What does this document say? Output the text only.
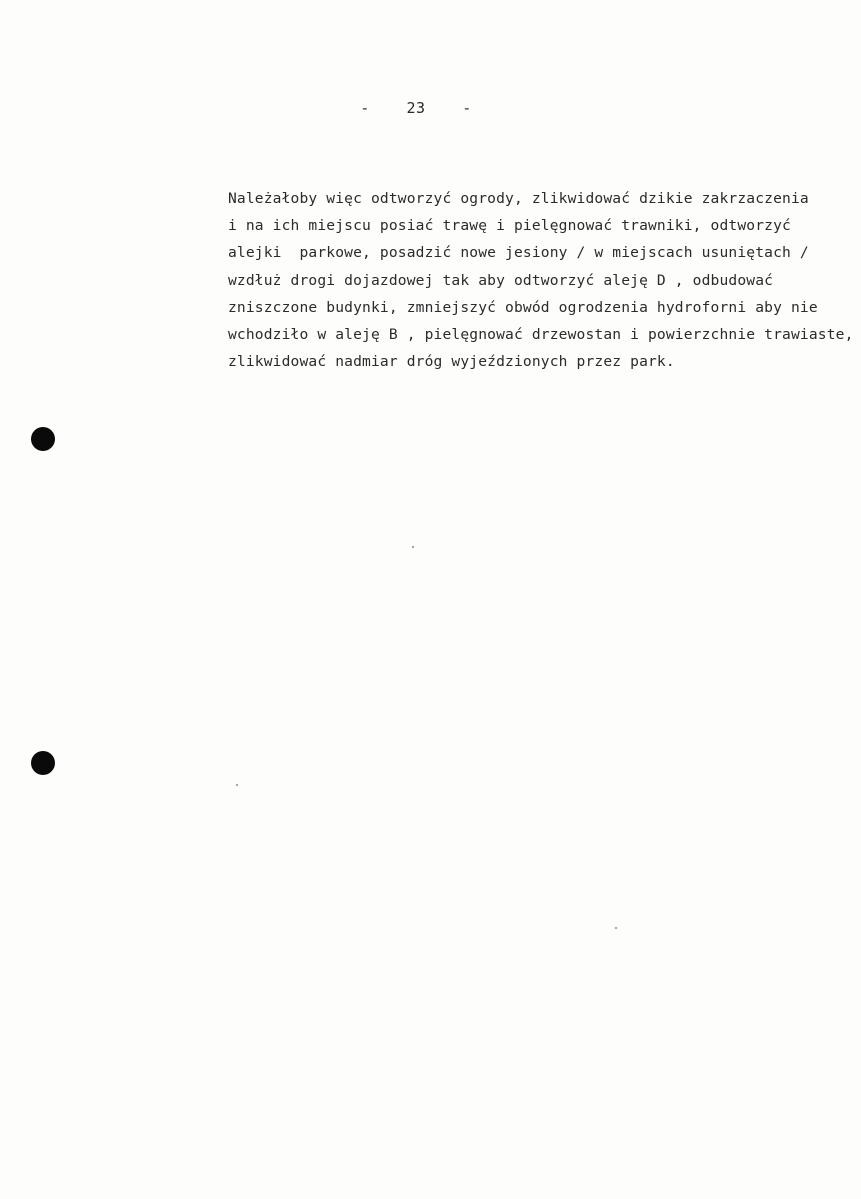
- 23 -
Należałoby więc odtworzyć ogrody, zlikwidować dzikie zakrzaczenia
i na ich miejscu posiać trawę i pielęgnować trawniki, odtworzyć
alejki  parkowe, posadzić nowe jesiony / w miejscach usuniętach /
wzdłuż drogi dojazdowej tak aby odtworzyć aleję D , odbudować
zniszczone budynki, zmniejszyć obwód ogrodzenia hydroforni aby nie
wchodziło w aleję B , pielęgnować drzewostan i powierzchnie trawiaste,
zlikwidować nadmiar dróg wyjeździonych przez park.
